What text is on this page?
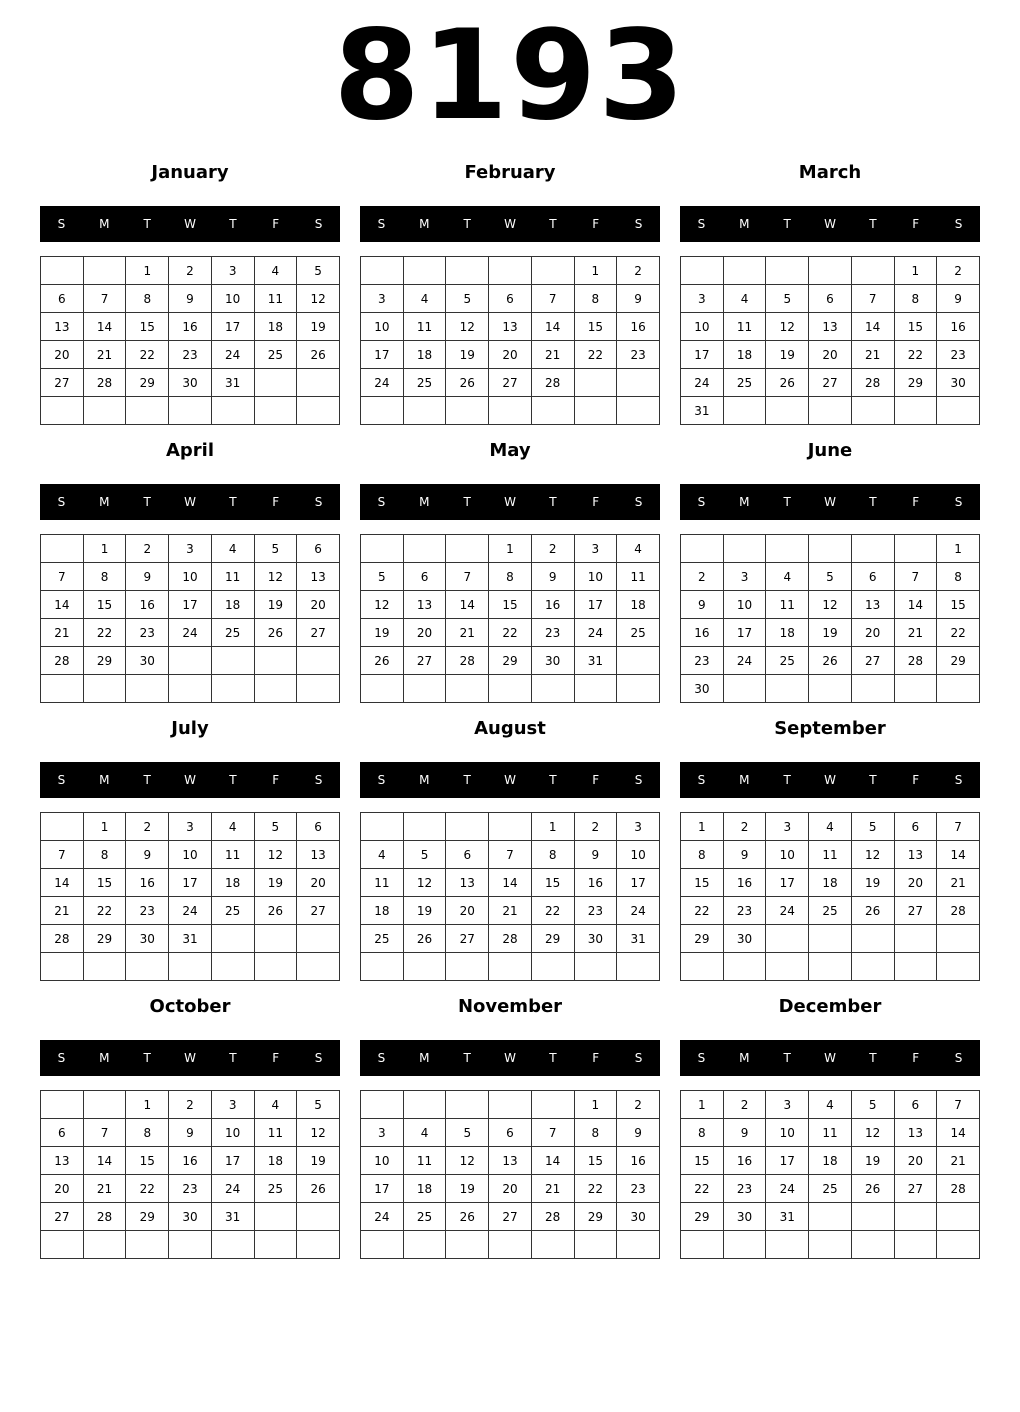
8193
January
S	M	T	W	T	F	S
		1	2	3	4	5
6	7	8	9	10	11	12
13	14	15	16	17	18	19
20	21	22	23	24	25	26
27	28	29	30	31		

February
S	M	T	W	T	F	S
					1	2
3	4	5	6	7	8	9
10	11	12	13	14	15	16
17	18	19	20	21	22	23
24	25	26	27	28		

March
S	M	T	W	T	F	S
					1	2
3	4	5	6	7	8	9
10	11	12	13	14	15	16
17	18	19	20	21	22	23
24	25	26	27	28	29	30
31						
April
S	M	T	W	T	F	S
	1	2	3	4	5	6
7	8	9	10	11	12	13
14	15	16	17	18	19	20
21	22	23	24	25	26	27
28	29	30				

May
S	M	T	W	T	F	S
			1	2	3	4
5	6	7	8	9	10	11
12	13	14	15	16	17	18
19	20	21	22	23	24	25
26	27	28	29	30	31	

June
S	M	T	W	T	F	S
						1
2	3	4	5	6	7	8
9	10	11	12	13	14	15
16	17	18	19	20	21	22
23	24	25	26	27	28	29
30						
July
S	M	T	W	T	F	S
	1	2	3	4	5	6
7	8	9	10	11	12	13
14	15	16	17	18	19	20
21	22	23	24	25	26	27
28	29	30	31			

August
S	M	T	W	T	F	S
				1	2	3
4	5	6	7	8	9	10
11	12	13	14	15	16	17
18	19	20	21	22	23	24
25	26	27	28	29	30	31

September
S	M	T	W	T	F	S
1	2	3	4	5	6	7
8	9	10	11	12	13	14
15	16	17	18	19	20	21
22	23	24	25	26	27	28
29	30					

October
S	M	T	W	T	F	S
		1	2	3	4	5
6	7	8	9	10	11	12
13	14	15	16	17	18	19
20	21	22	23	24	25	26
27	28	29	30	31		

November
S	M	T	W	T	F	S
					1	2
3	4	5	6	7	8	9
10	11	12	13	14	15	16
17	18	19	20	21	22	23
24	25	26	27	28	29	30

December
S	M	T	W	T	F	S
1	2	3	4	5	6	7
8	9	10	11	12	13	14
15	16	17	18	19	20	21
22	23	24	25	26	27	28
29	30	31				
